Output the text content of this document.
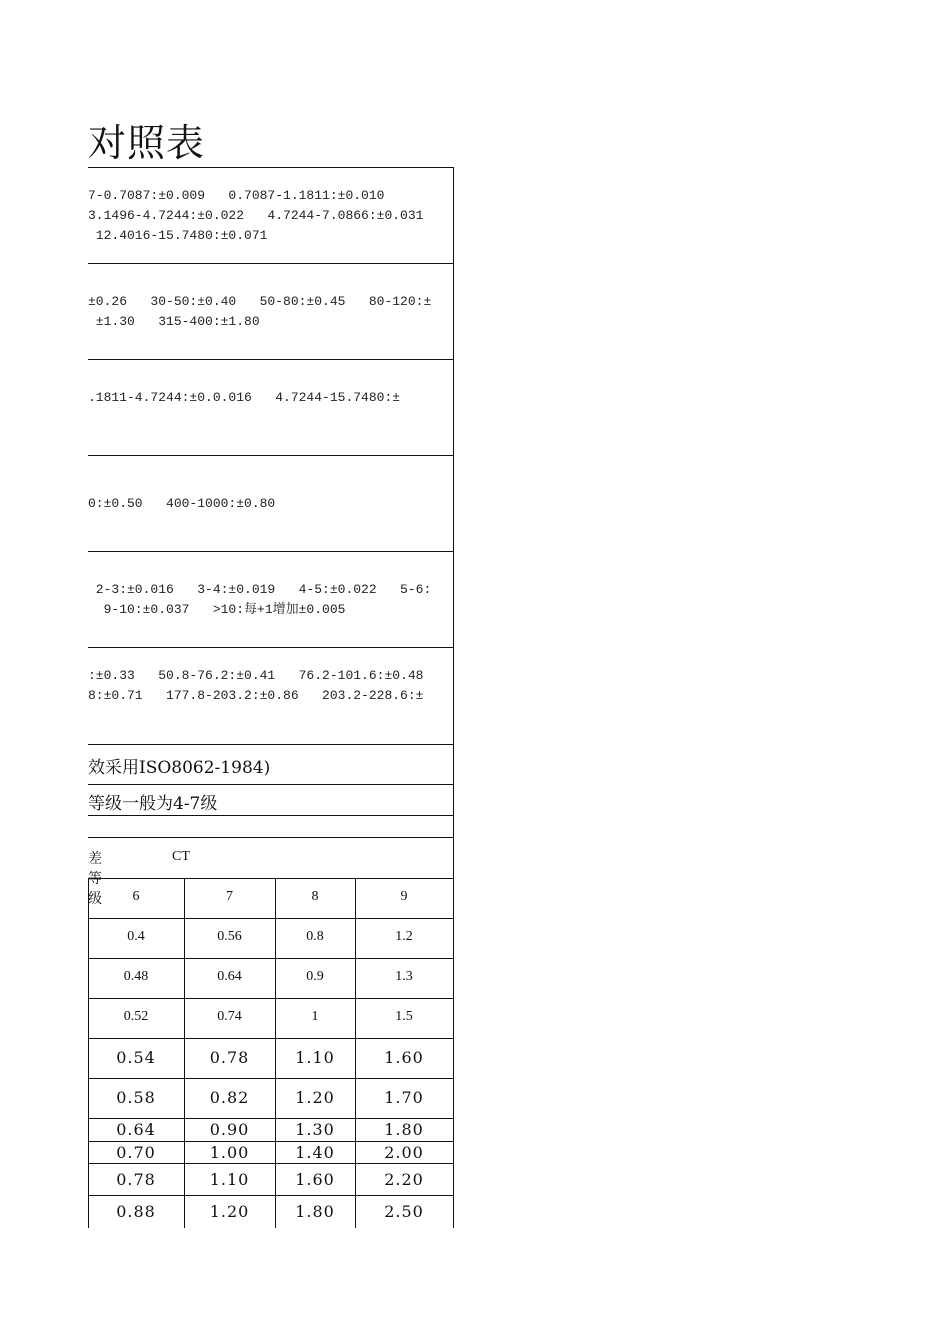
对照表
7-0.7087:±0.009   0.7087-1.1811:±0.010
3.1496-4.7244:±0.022   4.7244-7.0866:±0.031
12.4016-15.7480:±0.071
±0.26   30-50:±0.40   50-80:±0.45   80-120:±
±1.30   315-400:±1.80
.1811-4.7244:±0.0.016   4.7244-15.7480:±
0:±0.50   400-1000:±0.80
2-3:±0.016   3-4:±0.019   4-5:±0.022   5-6:
9-10:±0.037   >10:每+1增加±0.005
:±0.33   50.8-76.2:±0.41   76.2-101.6:±0.48
8:±0.71   177.8-203.2:±0.86   203.2-228.6:±
效采用ISO8062-1984)
等级一般为4-7级
差等级
CT
6	7	8	9
0.4	0.56	0.8	1.2
0.48	0.64	0.9	1.3
0.52	0.74	1	1.5
0.54	0.78	1.10	1.60
0.58	0.82	1.20	1.70
0.64	0.90	1.30	1.80
0.70	1.00	1.40	2.00
0.78	1.10	1.60	2.20
0.88	1.20	1.80	2.50
